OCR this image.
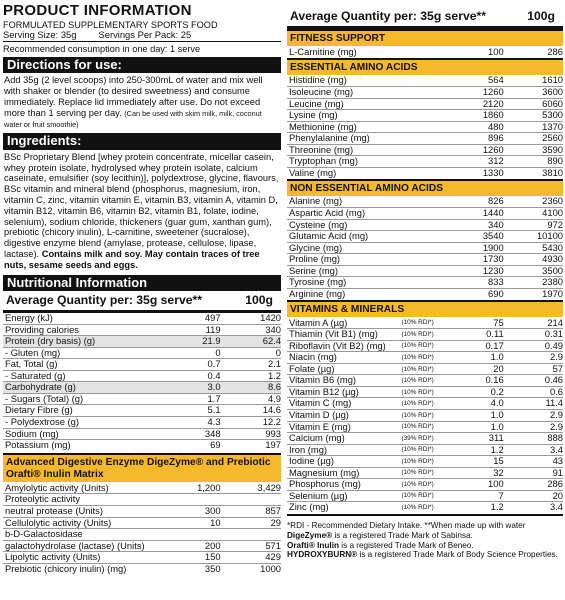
PRODUCT INFORMATION
FORMULATED SUPPLEMENTARY SPORTS FOOD
Serving Size: 35g Servings Per Pack: 25
Recommended consumption in one day: 1 serve
Directions for use:
Add 35g (2 level scoops) into 250-300mL of water and mix well with shaker or blender (to desired sweetness) and consume immediately. Replace lid immediately after use. Do not exceed more than 1 serving per day. (Can be used with skim milk, milk, coconut water or fruit smoothie)
Ingredients:
BSc Proprietary Blend [whey protein concentrate, micellar casein, whey protein isolate, hydrolysed whey protein isolate, calcium caseinate, emulsifier (soy lecithin)], polydextrose, glycine, flavours, BSc vitamin and mineral blend (phosphorus, magnesium, iron, vitamin C, zinc, vitamin vitamin E, vitamin B3, vitamin A, vitamin D, vitamin B12, vitamin B6, vitamin B2, vitamin B1, folate, iodine, selenium), sodium chloride, thickeners (guar gum, xanthan gum), prebiotic (chicory inulin), L-carnitine, sweetener (sucralose), digestive enzyme blend (amylase, protease, cellulose, lipase, lactase). Contains milk and soy. May contain traces of tree nuts, sesame seeds and eggs.
Nutritional Information
Average Quantity per: 35g serve**	100g
Energy (kJ)	497	1420
Providing calories	119	340
Protein (dry basis) (g)	21.9	62.4
- Gluten (mg)	0	0
Fat, Total (g)	0.7	2.1
- Saturated (g)	0.4	1.2
Carbohydrate (g)	3.0	8.6
- Sugars (Total) (g)	1.7	4.9
Dietary Fibre (g)	5.1	14.6
- Polydextrose (g)	4.3	12.2
Sodium (mg)	348	993
Potassium (mg)	69	197
Advanced Digestive Enzyme DigeZyme® and Prebiotic Orafti® Inulin Matrix
Amylolytic activity (Units)	1,200	3,429
Proteolytic activity		
neutral protease (Units)	300	857
Cellulolytic activity (Units)	10	29
b-D-Galactosidase		
galactohydrolase (lactase) (Units)	200	571
Lipolytic activity (Units)	150	429
Prebiotic (chicory inulin) (mg)	350	1000
Average Quantity per: 35g serve**	100g
FITNESS SUPPORT
L-Carnitine (mg)	100	286
ESSENTIAL AMINO ACIDS
Histidine (mg)	564	1610
Isoleucine (mg)	1260	3600
Leucine (mg)	2120	6060
Lysine (mg)	1860	5300
Methionine (mg)	480	1370
Phenylalanine (mg)	896	2560
Threonine (mg)	1260	3590
Tryptophan (mg)	312	890
Valine (mg)	1330	3810
NON ESSENTIAL AMINO ACIDS
Alanine (mg)	826	2360
Aspartic Acid (mg)	1440	4100
Cysteine (mg)	340	972
Glutamic Acid (mg)	3540	10100
Glycine (mg)	1900	5430
Proline (mg)	1730	4930
Serine (mg)	1230	3500
Tyrosine (mg)	833	2380
Arginine (mg)	690	1970
VITAMINS & MINERALS
Vitamin A (µg)	(10% RDI*)	75	214
Thiamin (Vit B1) (mg)	(10% RDI*)	0.11	0.31
Riboflavin (Vit B2) (mg)	(10% RDI*)	0.17	0.49
Niacin (mg)	(10% RDI*)	1.0	2.9
Folate (µg)	(10% RDI*)	20	57
Vitamin B6 (mg)	(10% RDI*)	0.16	0.46
Vitamin B12 (µg)	(10% RDI*)	0.2	0.6
Vitamin C (mg)	(10% RDI*)	4.0	11.4
Vitamin D (µg)	(10% RDI*)	1.0	2.9
Vitamin E (mg)	(10% RDI*)	1.0	2.9
Calcium (mg)	(39% RDI*)	311	888
Iron (mg)	(10% RDI*)	1.2	3.4
Iodine (µg)	(10% RDI*)	15	43
Magnesium (mg)	(10% RDI*)	32	91
Phosphorus (mg)	(10% RDI*)	100	286
Selenium (µg)	(10% RDI*)	7	20
Zinc (mg)	(10% RDI*)	1.2	3.4
*RDI - Recommended Dietary Intake. **When made up with water
DigeZyme® is a registered Trade Mark of Sabinsa.
Orafti® Inulin is a registered Trade Mark of Beneo.
HYDROXYBURN® is a registered Trade Mark of Body Science Properties.
